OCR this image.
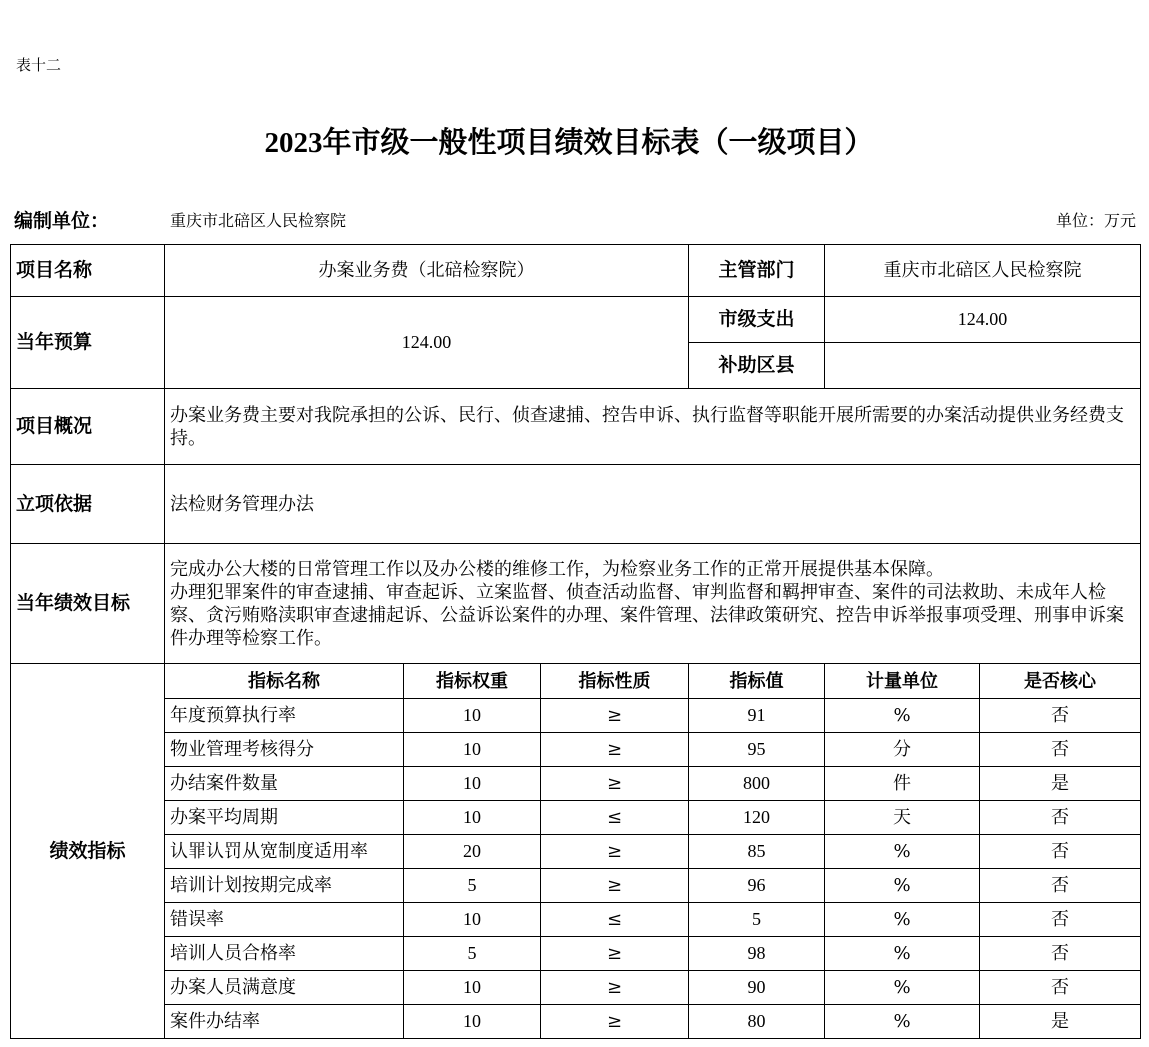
表十二
2023年市级一般性项目绩效目标表（一级项目）
编制单位：	重庆市北碚区人民检察院	单位：万元
项目名称	办案业务费（北碚检察院）			主管部门	重庆市北碚区人民检察院	
当年预算	124.00			市级支出	124.00	
				补助区县		
项目概况	办案业务费主要对我院承担的公诉、民行、侦查逮捕、控告申诉、执行监督等职能开展所需要的办案活动提供业务经费支持。					
立项依据	法检财务管理办法					
当年绩效目标	完成办公大楼的日常管理工作以及办公楼的维修工作，为检察业务工作的正常开展提供基本保障。
办理犯罪案件的审查逮捕、审查起诉、立案监督、侦查活动监督、审判监督和羁押审查、案件的司法救助、未成年人检察、贪污贿赂渎职审查逮捕起诉、公益诉讼案件的办理、案件管理、法律政策研究、控告申诉举报事项受理、刑事申诉案件办理等检察工作。					

绩效指标	指标名称	指标权重	指标性质	指标值	计量单位	是否核心
	年度预算执行率	10	≥	91	%	否
	物业管理考核得分	10	≥	95	分	否
	办结案件数量	10	≥	800	件	是
	办案平均周期	10	≤	120	天	否
	认罪认罚从宽制度适用率	20	≥	85	%	否
	培训计划按期完成率	5	≥	96	%	否
	错误率	10	≤	5	%	否
	培训人员合格率	5	≥	98	%	否
	办案人员满意度	10	≥	90	%	否
	案件办结率	10	≥	80	%	是
